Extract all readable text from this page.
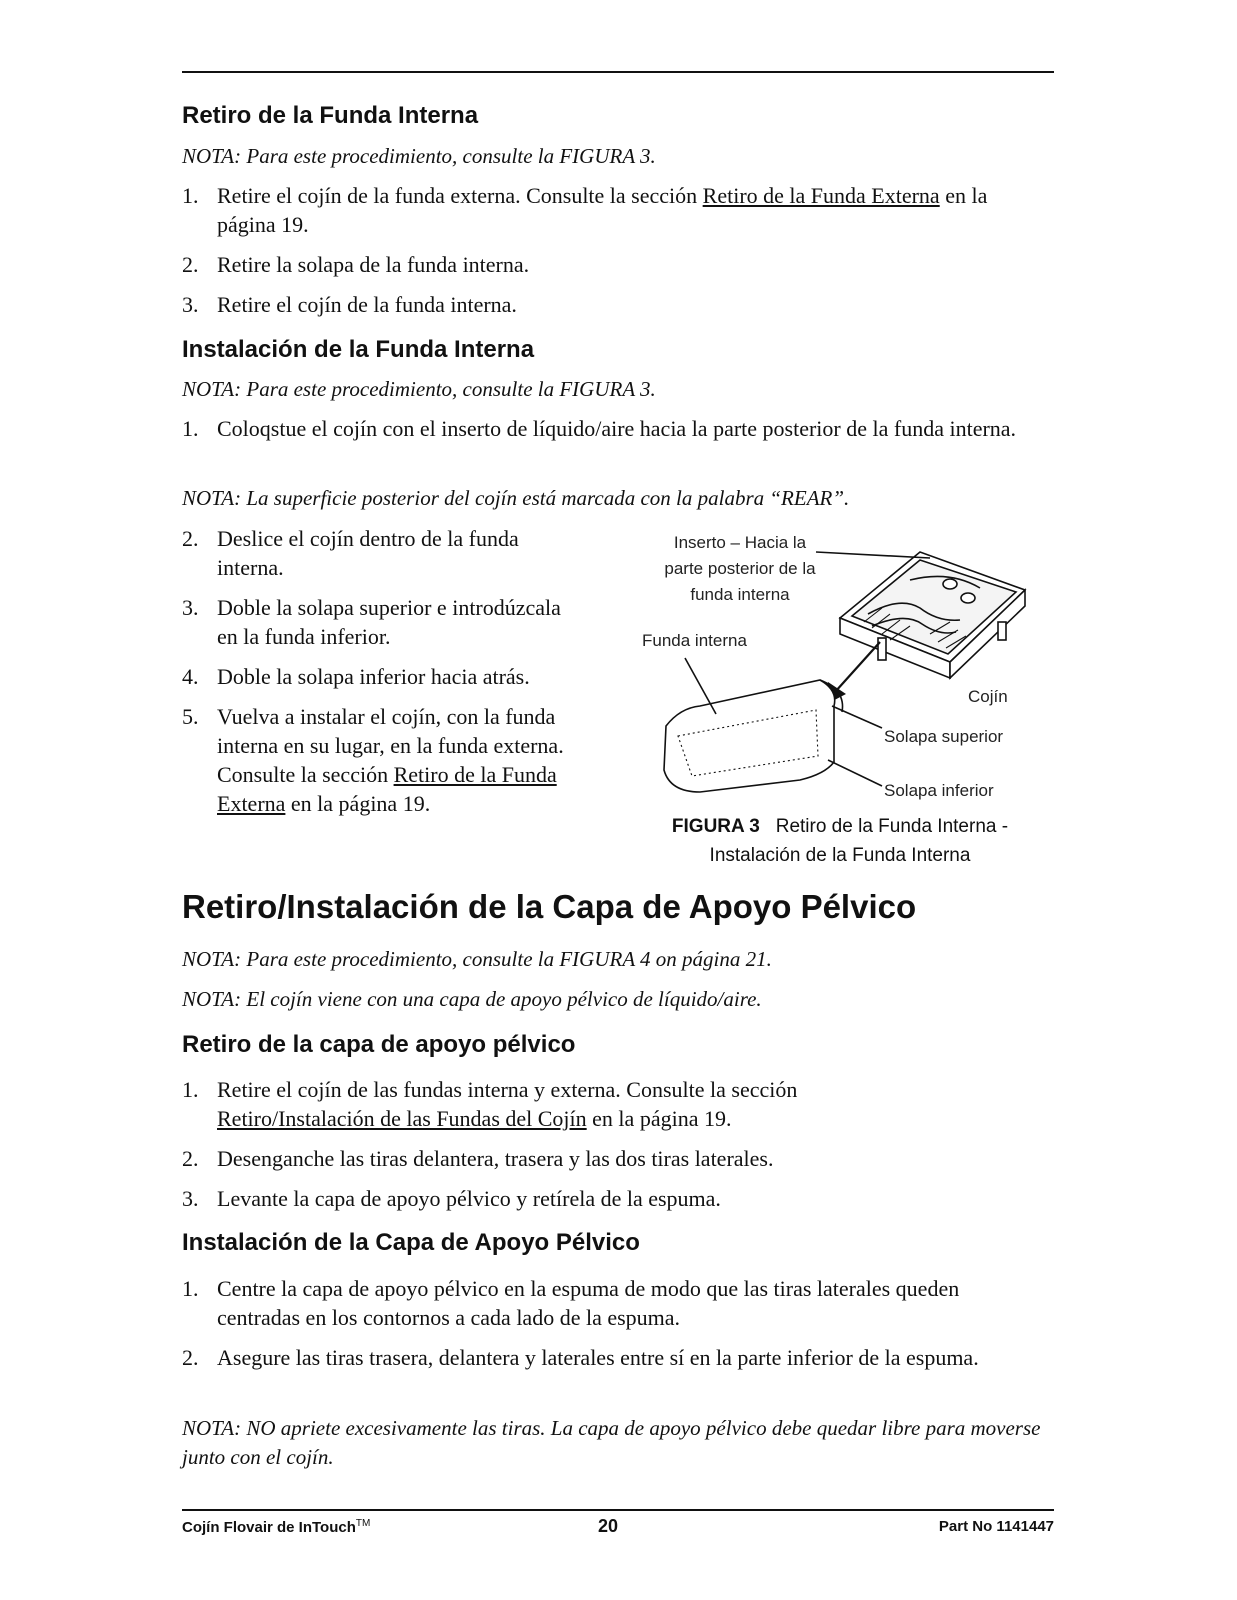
Retiro de la Funda Interna

NOTA: Para este procedimiento, consulte la FIGURA 3.

1. Retire el cojín de la funda externa. Consulte la sección Retiro de la Funda Externa en la página 19.
2. Retire la solapa de la funda interna.
3. Retire el cojín de la funda interna.
Instalación de la Funda Interna

NOTA: Para este procedimiento, consulte la FIGURA 3.

1. Coloqstue el cojín con el inserto de líquido/aire hacia la parte posterior de la funda interna.

NOTA: La superficie posterior del cojín está marcada con la palabra “REAR”.

2. Deslice el cojín dentro de la funda interna.
3. Doble la solapa superior e introdúzcala en la funda inferior.
4. Doble la solapa inferior hacia atrás.
5. Vuelva a instalar el cojín, con la funda interna en su lugar, en la funda externa. Consulte la sección Retiro de la Funda Externa en la página 19.
Inserto – Hacia la
parte posterior de la
funda interna
Funda interna
Cojín
Solapa superior
Solapa inferior
FIGURA 3 Retiro de la Funda Interna -
Instalación de la Funda Interna
Retiro/Instalación de la Capa de Apoyo Pélvico

NOTA: Para este procedimiento, consulte la FIGURA 4 on página 21.

NOTA: El cojín viene con una capa de apoyo pélvico de líquido/aire.

Retiro de la capa de apoyo pélvico
1. Retire el cojín de las fundas interna y externa. Consulte la sección Retiro/Instalación de las Fundas del Cojín en la página 19.
2. Desenganche las tiras delantera, trasera y las dos tiras laterales.
3. Levante la capa de apoyo pélvico y retírela de la espuma.
Instalación de la Capa de Apoyo Pélvico
1. Centre la capa de apoyo pélvico en la espuma de modo que las tiras laterales queden centradas en los contornos a cada lado de la espuma.
2. Asegure las tiras trasera, delantera y laterales entre sí en la parte inferior de la espuma.

NOTA: NO apriete excesivamente las tiras. La capa de apoyo pélvico debe quedar libre para moverse junto con el cojín.

Cojín Flovair de InTouch™	20	Part No 1141447
